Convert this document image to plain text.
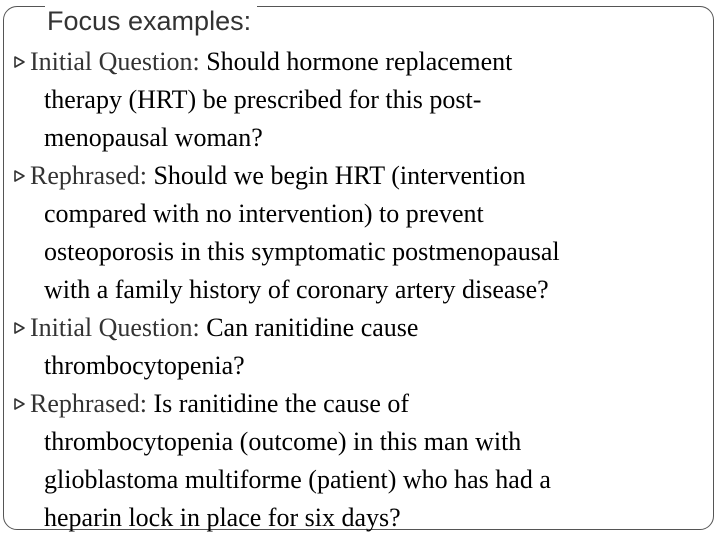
Focus examples:
Initial Question: Should hormone replacement
therapy (HRT) be prescribed for this post-
menopausal woman?
Rephrased: Should we begin HRT (intervention
compared with no intervention) to prevent
osteoporosis in this symptomatic postmenopausal
with a family history of coronary artery disease?
Initial Question: Can ranitidine cause
thrombocytopenia?
Rephrased: Is ranitidine the cause of
thrombocytopenia (outcome) in this man with
glioblastoma multiforme (patient) who has had a
heparin lock in place for six days?
